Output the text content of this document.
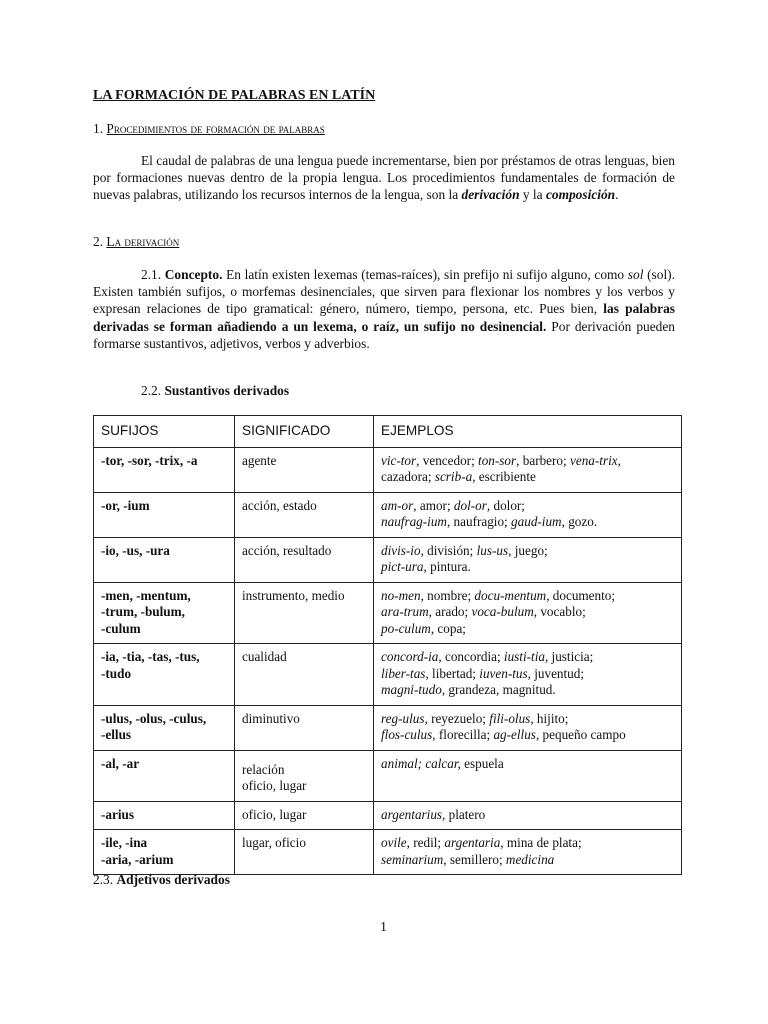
LA FORMACIÓN DE PALABRAS EN LATÍN
1. Procedimientos de formación de palabras
El caudal de palabras de una lengua puede incrementarse, bien por préstamos de otras lenguas, bien por formaciones nuevas dentro de la propia lengua. Los procedimientos fundamentales de formación de nuevas palabras, utilizando los recursos internos de la lengua, son la derivación y la composición.
2. La derivación
2.1. Concepto. En latín existen lexemas (temas-raíces), sin prefijo ni sufijo alguno, como sol (sol). Existen también sufijos, o morfemas desinenciales, que sirven para flexionar los nombres y los verbos y expresan relaciones de tipo gramatical: género, número, tiempo, persona, etc. Pues bien, las palabras derivadas se forman añadiendo a un lexema, o raíz, un sufijo no desinencial. Por derivación pueden formarse sustantivos, adjetivos, verbos y adverbios.
2.2. Sustantivos derivados
SUFIJOS	SIGNIFICADO	EJEMPLOS

-tor, -sor, -trix, -a	agente	vic-tor, vencedor; ton-sor, barbero; vena-trix,
cazadora; scrib-a, escribiente

-or, -ium	acción, estado	am-or, amor; dol-or, dolor;
naufrag-ium, naufragio; gaud-ium, gozo.

-io, -us, -ura	acción, resultado	divis-io, división; lus-us, juego;
pict-ura, pintura.

-men, -mentum,
-trum, -bulum,
-culum	instrumento, medio	no-men, nombre; docu-mentum, documento;
ara-trum, arado; voca-bulum, vocablo;
po-culum, copa;

-ia, -tia, -tas, -tus,
-tudo	cualidad	concord-ia, concordia; iusti-tia, justicia;
liber-tas, libertad; iuven-tus, juventud;
magni-tudo, grandeza, magnitud.

-ulus, -olus, -culus,
-ellus	diminutivo	reg-ulus, reyezuelo; fili-olus, hijito;
flos-culus, florecilla; ag-ellus, pequeño campo

-al, -ar	relación
oficio, lugar	animal; calcar, espuela

-arius	oficio, lugar	argentarius, platero

-ile, -ina
-aria, -arium	lugar, oficio	ovile, redil; argentaria, mina de plata;
seminarium, semillero; medicina
2.3. Adjetivos derivados
1
